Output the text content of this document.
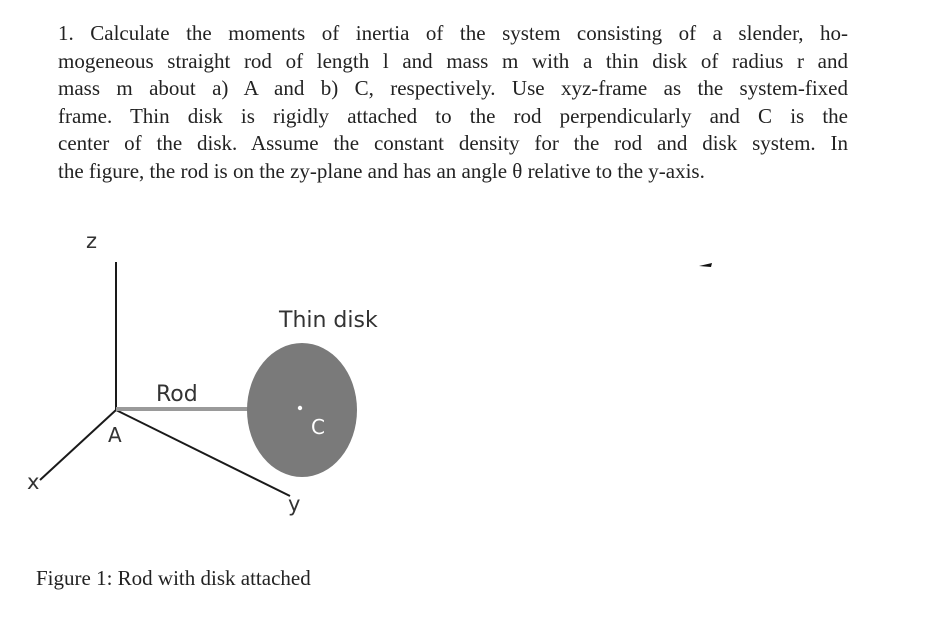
1. Calculate the moments of inertia of the system consisting of a slender, ho-
mogeneous straight rod of length l and mass m with a thin disk of radius r and
mass m about a) A and b) C, respectively. Use xyz-frame as the system-fixed
frame. Thin disk is rigidly attached to the rod perpendicularly and C is the
center of the disk. Assume the constant density for the rod and disk system. In
the figure, the rod is on the zy-plane and has an angle θ relative to the y-axis.
z
x
y
A	C
Rod
Thin disk

Figure 1: Rod with disk attached
